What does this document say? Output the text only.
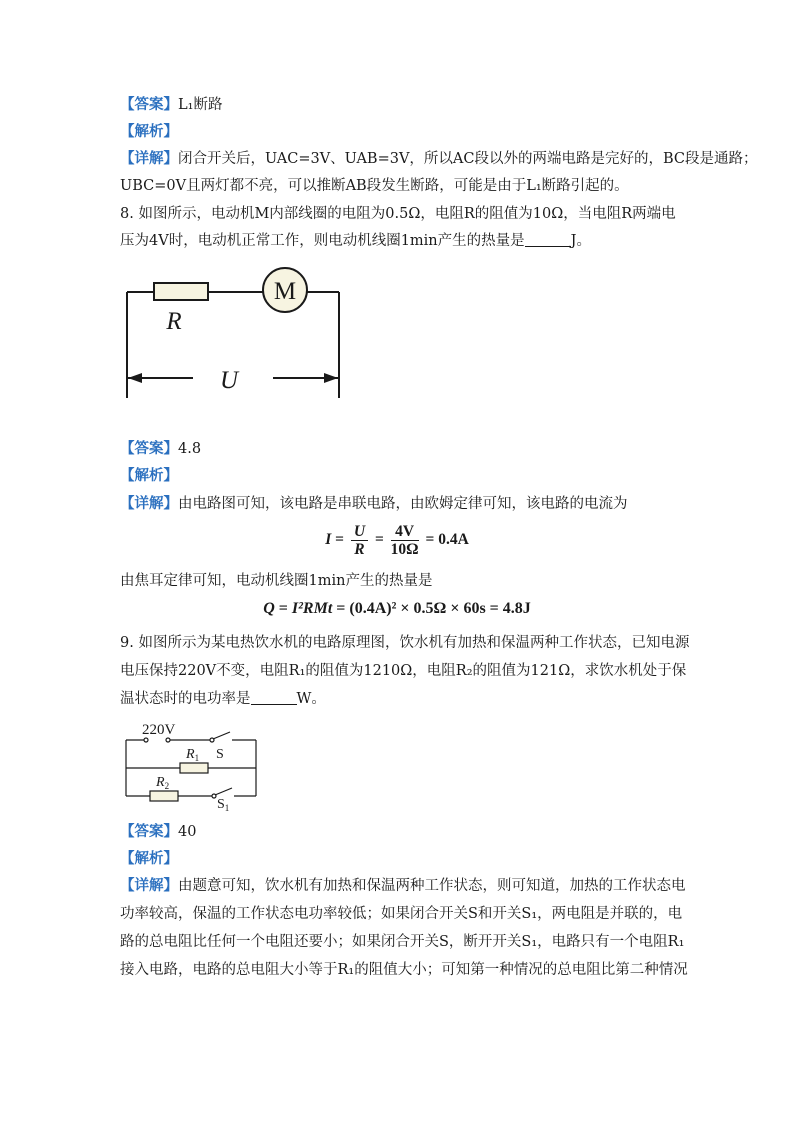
【答案】L₁断路
【解析】
【详解】闭合开关后，UAC=3V、UAB=3V，所以AC段以外的两端电路是完好的，BC段是通路；
UBC=0V且两灯都不亮，可以推断AB段发生断路，可能是由于L₁断路引起的。
8. 如图所示，电动机M内部线圈的电阻为0.5Ω，电阻R的阻值为10Ω，当电阻R两端电
压为4V时，电动机正常工作，则电动机线圈1min产生的热量是	J。
M
R
U
【答案】4.8
【解析】
【详解】由电路图可知，该电路是串联电路，由欧姆定律可知，该电路的电流为
$I = \frac{U}{R} = \frac{4V}{10\Omega} = 0.4A$
由焦耳定律可知，电动机线圈1min产生的热量是
Q = I²RMt = (0.4A)² × 0.5Ω × 60s = 4.8J
9. 如图所示为某电热饮水机的电路原理图，饮水机有加热和保温两种工作状态，已知电源
电压保持220V不变，电阻R₁的阻值为1210Ω，电阻R₂的阻值为121Ω，求饮水机处于保
温状态时的电功率是	W。
220V
$R_1$ S
$R_2$
$S_1$
【答案】40
【解析】
【详解】由题意可知，饮水机有加热和保温两种工作状态，则可知道，加热的工作状态电
功率较高，保温的工作状态电功率较低；如果闭合开关S和开关S₁，两电阻是并联的，电
路的总电阻比任何一个电阻还要小；如果闭合开关S，断开开关S₁，电路只有一个电阻R₁
接入电路，电路的总电阻大小等于R₁的阻值大小；可知第一种情况的总电阻比第二种情况
